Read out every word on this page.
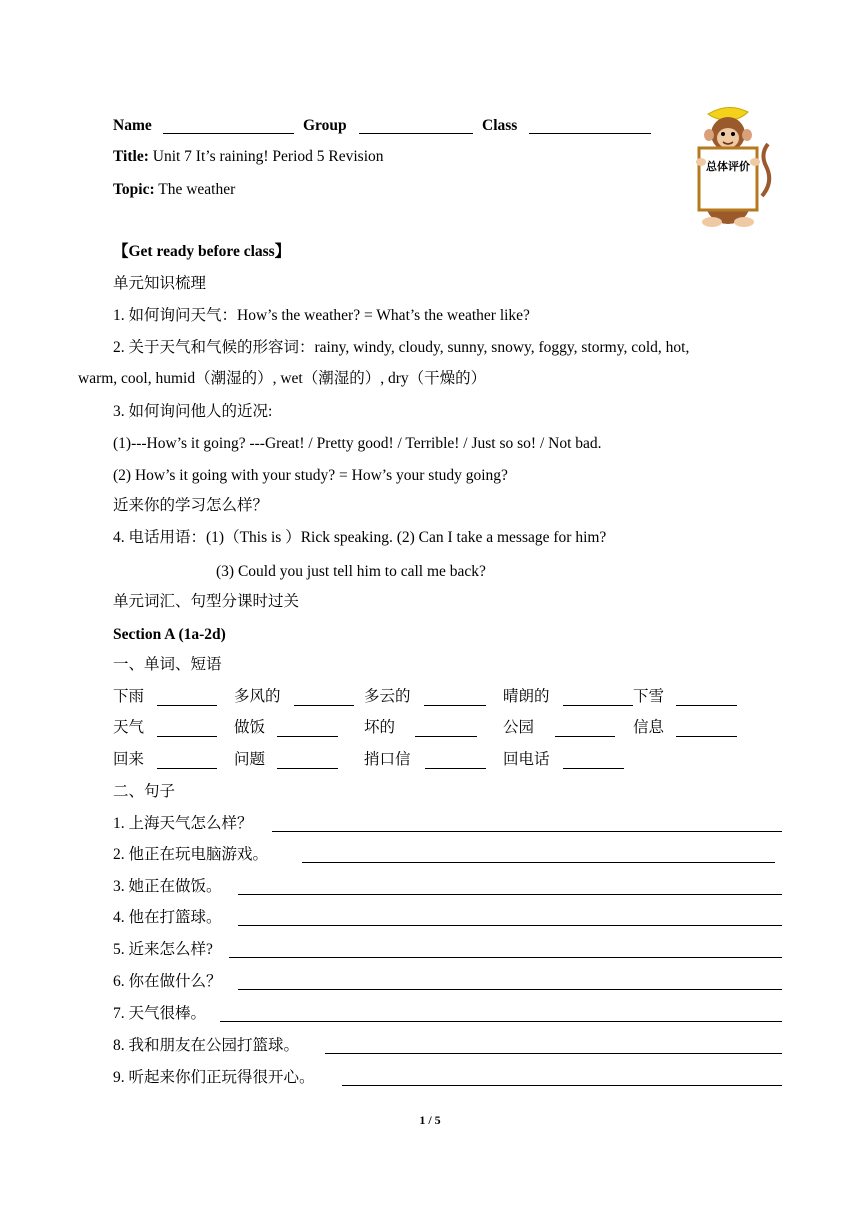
Name	Group	Class
Title: Unit 7 It’s raining! Period 5 Revision
Topic: The weather
总体评价
【Get ready before class】
单元知识梳理
1. 如何询问天气：How’s the weather? = What’s the weather like?
2. 关于天气和气候的形容词：rainy, windy, cloudy, sunny, snowy, foggy, stormy, cold, hot,
warm, cool, humid（潮湿的）, wet（潮湿的）, dry（干燥的）
3. 如何询问他人的近况:
(1)---How’s it going? ---Great! / Pretty good! / Terrible! / Just so so! / Not bad.
(2) How’s it going with your study? = How’s your study going?
近来你的学习怎么样？
4. 电话用语：(1)（This is ）Rick speaking. (2) Can I take a message for him?
(3) Could you just tell him to call me back?
单元词汇、句型分课时过关
Section A (1a-2d)
一、单词、短语
下雨	多风的	多云的	晴朗的	下雪
天气	做饭	坏的	公园	信息
回来	问题	捎口信	回电话
二、句子
1. 上海天气怎么样？
2. 他正在玩电脑游戏。
3. 她正在做饭。
4. 他在打篮球。
5. 近来怎么样?
6. 你在做什么？
7. 天气很棒。
8. 我和朋友在公园打篮球。
9. 听起来你们正玩得很开心。
1 / 5
